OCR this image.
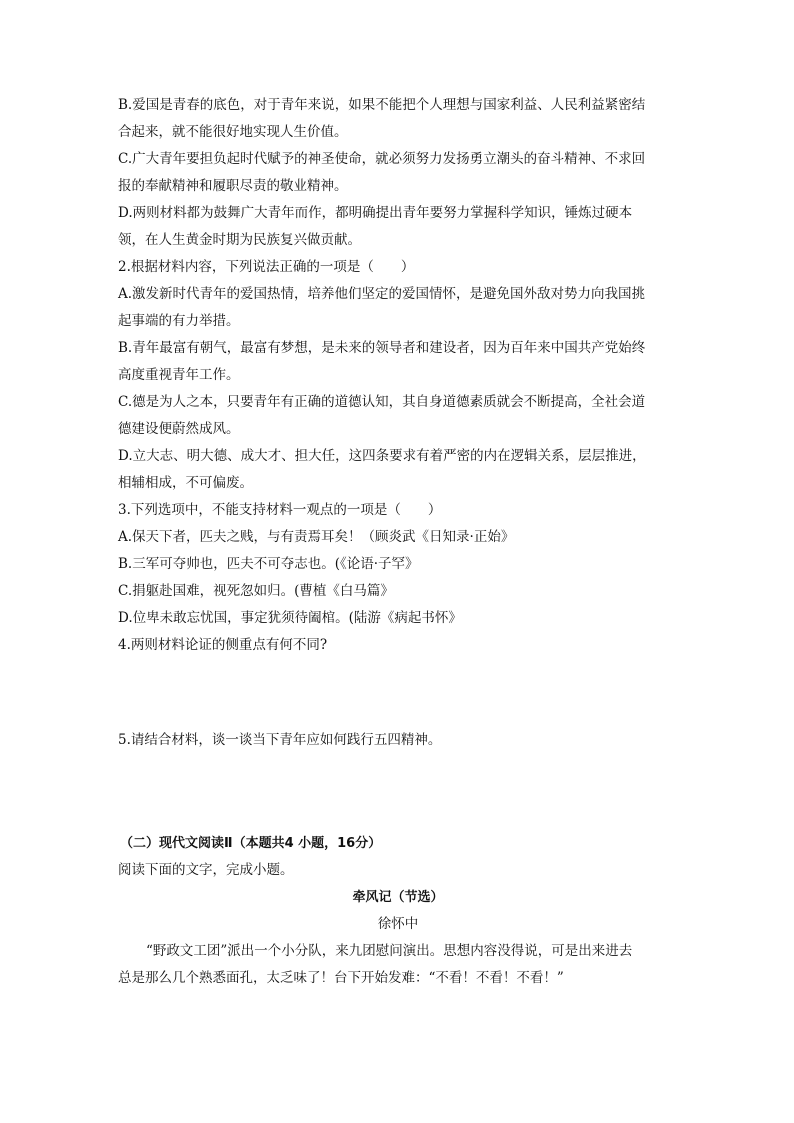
B.爱国是青春的底色，对于青年来说，如果不能把个人理想与国家利益、人民利益紧密结
合起来，就不能很好地实现人生价值。
C.广大青年要担负起时代赋予的神圣使命，就必须努力发扬勇立潮头的奋斗精神、不求回
报的奉献精神和履职尽责的敬业精神。
D.两则材料都为鼓舞广大青年而作，都明确提出青年要努力掌握科学知识，锤炼过硬本
领，在人生黄金时期为民族复兴做贡献。
2.根据材料内容，下列说法正确的一项是（　　）
A.激发新时代青年的爱国热情，培养他们坚定的爱国情怀，是避免国外敌对势力向我国挑
起事端的有力举措。
B.青年最富有朝气，最富有梦想，是未来的领导者和建设者，因为百年来中国共产党始终
高度重视青年工作。
C.德是为人之本，只要青年有正确的道德认知，其自身道德素质就会不断提高，全社会道
德建设便蔚然成风。
D.立大志、明大德、成大才、担大任，这四条要求有着严密的内在逻辑关系，层层推进，
相辅相成，不可偏废。
3.下列选项中，不能支持材料一观点的一项是（　　）
A.保天下者，匹夫之贱，与有责焉耳矣！（顾炎武《日知录·正始》
B.三军可夺帅也，匹夫不可夺志也。(《论语·子罕》
C.捐躯赴国难，视死忽如归。(曹植《白马篇》
D.位卑未敢忘忧国，事定犹须待阖棺。(陆游《病起书怀》
4.两则材料论证的侧重点有何不同?
5.请结合材料，谈一谈当下青年应如何践行五四精神。
（二）现代文阅读Ⅱ（本题共4 小题，16分）
阅读下面的文字，完成小题。
牵风记（节选）
徐怀中
“野政文工团”派出一个小分队，来九团慰问演出。思想内容没得说，可是出来进去
总是那么几个熟悉面孔，太乏味了！台下开始发难：“不看！不看！不看！”
